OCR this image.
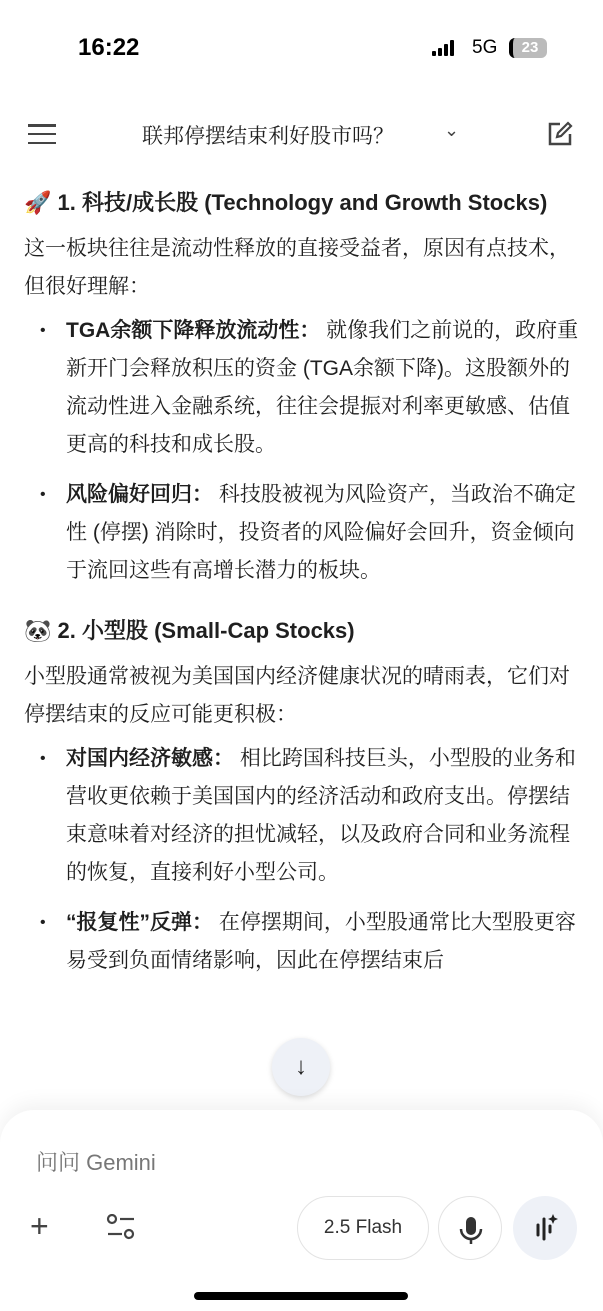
16:22	5G	23
联邦停摆结束利好股市吗？	⌄
🚀 1. 科技/成长股 (Technology and Growth Stocks)

这一板块往往是流动性释放的直接受益者，原因有点技术，但很好理解：

• TGA余额下降释放流动性： 就像我们之前说的，政府重新开门会释放积压的资金 (TGA余额下降)。这股额外的流动性进入金融系统，往往会提振对利率更敏感、估值更高的科技和成长股。
• 风险偏好回归： 科技股被视为风险资产，当政治不确定性 (停摆) 消除时，投资者的风险偏好会回升，资金倾向于流回这些有高增长潜力的板块。
🐼 2. 小型股 (Small-Cap Stocks)

小型股通常被视为美国国内经济健康状况的晴雨表，它们对停摆结束的反应可能更积极：

• 对国内经济敏感： 相比跨国科技巨头，小型股的业务和营收更依赖于美国国内的经济活动和政府支出。停摆结束意味着对经济的担忧减轻，以及政府合同和业务流程的恢复，直接利好小型公司。
• “报复性”反弹： 在停摆期间，小型股通常比大型股更容易受到负面情绪影响，因此在停摆结束后
↓
问问 Gemini
+	2.5 Flash
